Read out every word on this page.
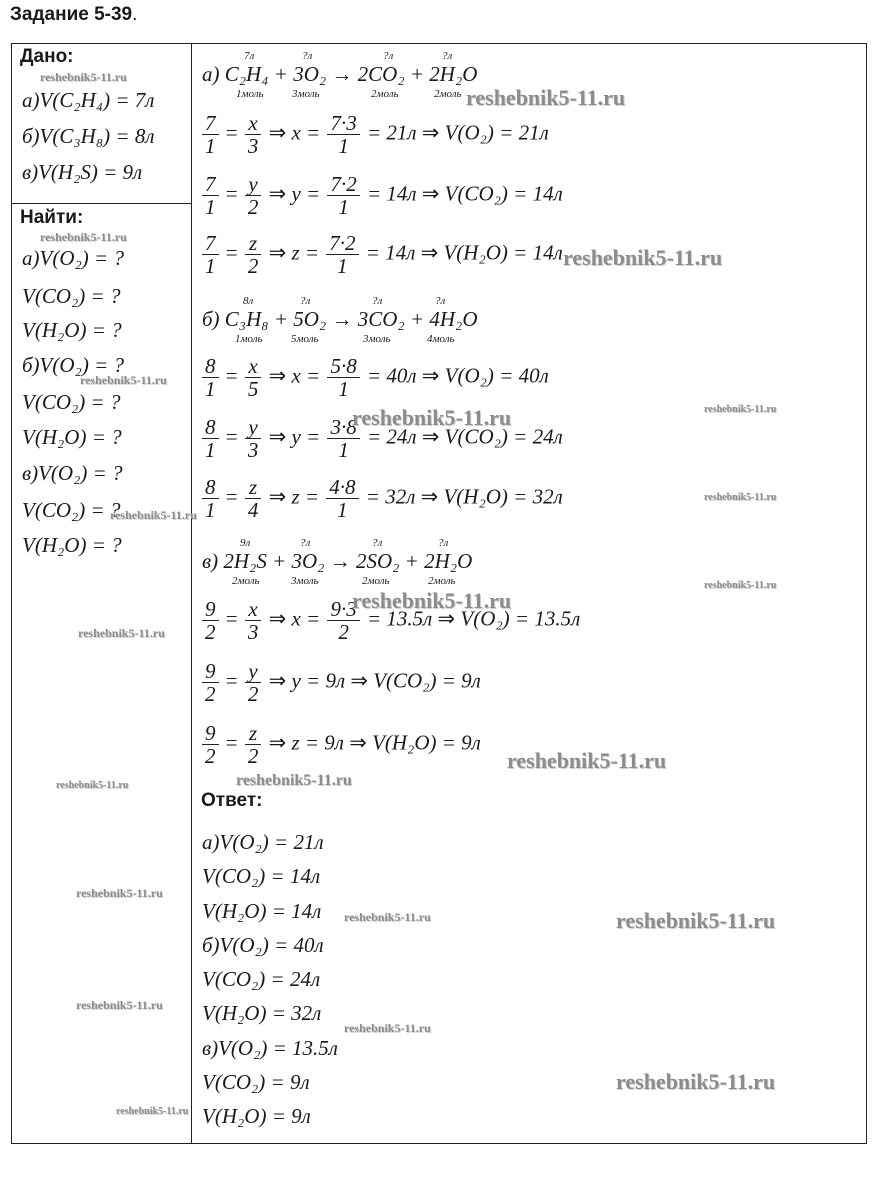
Задание 5-39.
Дано:
а)V(C₂H₄) = 7л
б)V(C₃H₈) = 8л
в)V(H₂S) = 9л
Найти:
а)V(O₂) = ?
V(CO₂) = ?
V(H₂O) = ?
б)V(O₂) = ?
V(CO₂) = ?
V(H₂O) = ?
в)V(O₂) = ?
V(CO₂) = ?
V(H₂O) = ?
7л	?л	?л	?л
а) C₂H₄ + 3O₂ → 2CO₂ + 2H₂O
1моль	3моль	2моль	2моль
$\frac{7}{1} = \frac{x}{3}$ ⇒ $x = \frac{7\cdot 3}{1} = 21л$ ⇒ V(O₂) = 21л
$\frac{7}{1} = \frac{y}{2}$ ⇒ $y = \frac{7\cdot 2}{1} = 14л$ ⇒ V(CO₂) = 14л
$\frac{7}{1} = \frac{z}{2}$ ⇒ $z = \frac{7\cdot 2}{1} = 14л$ ⇒ V(H₂O) = 14л
8л	?л	?л	?л
б) C₃H₈ + 5O₂ → 3CO₂ + 4H₂O
1моль	5моль	3моль	4моль
$\frac{8}{1} = \frac{x}{5}$ ⇒ $x = \frac{5\cdot 8}{1} = 40л$ ⇒ V(O₂) = 40л
$\frac{8}{1} = \frac{y}{3}$ ⇒ $y = \frac{3\cdot 8}{1} = 24л$ ⇒ V(CO₂) = 24л
$\frac{8}{1} = \frac{z}{4}$ ⇒ $z = \frac{4\cdot 8}{1} = 32л$ ⇒ V(H₂O) = 32л
9л	?л	?л	?л
в) 2H₂S + 3O₂ → 2SO₂ + 2H₂O
2моль	3моль	2моль	2моль
$\frac{9}{2} = \frac{x}{3}$ ⇒ $x = \frac{9\cdot 3}{2} = 13.5л$ ⇒ V(O₂) = 13.5л
$\frac{9}{2} = \frac{y}{2}$ ⇒ y = 9л ⇒ V(CO₂) = 9л
$\frac{9}{2} = \frac{z}{2}$ ⇒ z = 9л ⇒ V(H₂O) = 9л
Ответ:
а)V(O₂) = 21л
V(CO₂) = 14л
V(H₂O) = 14л
б)V(O₂) = 40л
V(CO₂) = 24л
V(H₂O) = 32л
в)V(O₂) = 13.5л
V(CO₂) = 9л
V(H₂O) = 9л
reshebnik5-11.ru
reshebnik5-11.ru
reshebnik5-11.ru
reshebnik5-11.ru
reshebnik5-11.ru
reshebnik5-11.ru
reshebnik5-11.ru
reshebnik5-11.ru
reshebnik5-11.ru
reshebnik5-11.ru
reshebnik5-11.ru
reshebnik5-11.ru	reshebnik5-11.ru
reshebnik5-11.ru
reshebnik5-11.ru
reshebnik5-11.ru
reshebnik5-11.ru
reshebnik5-11.ru
reshebnik5-11.ru	reshebnik5-11.ru
reshebnik5-11.ru
reshebnik5-11.ru
